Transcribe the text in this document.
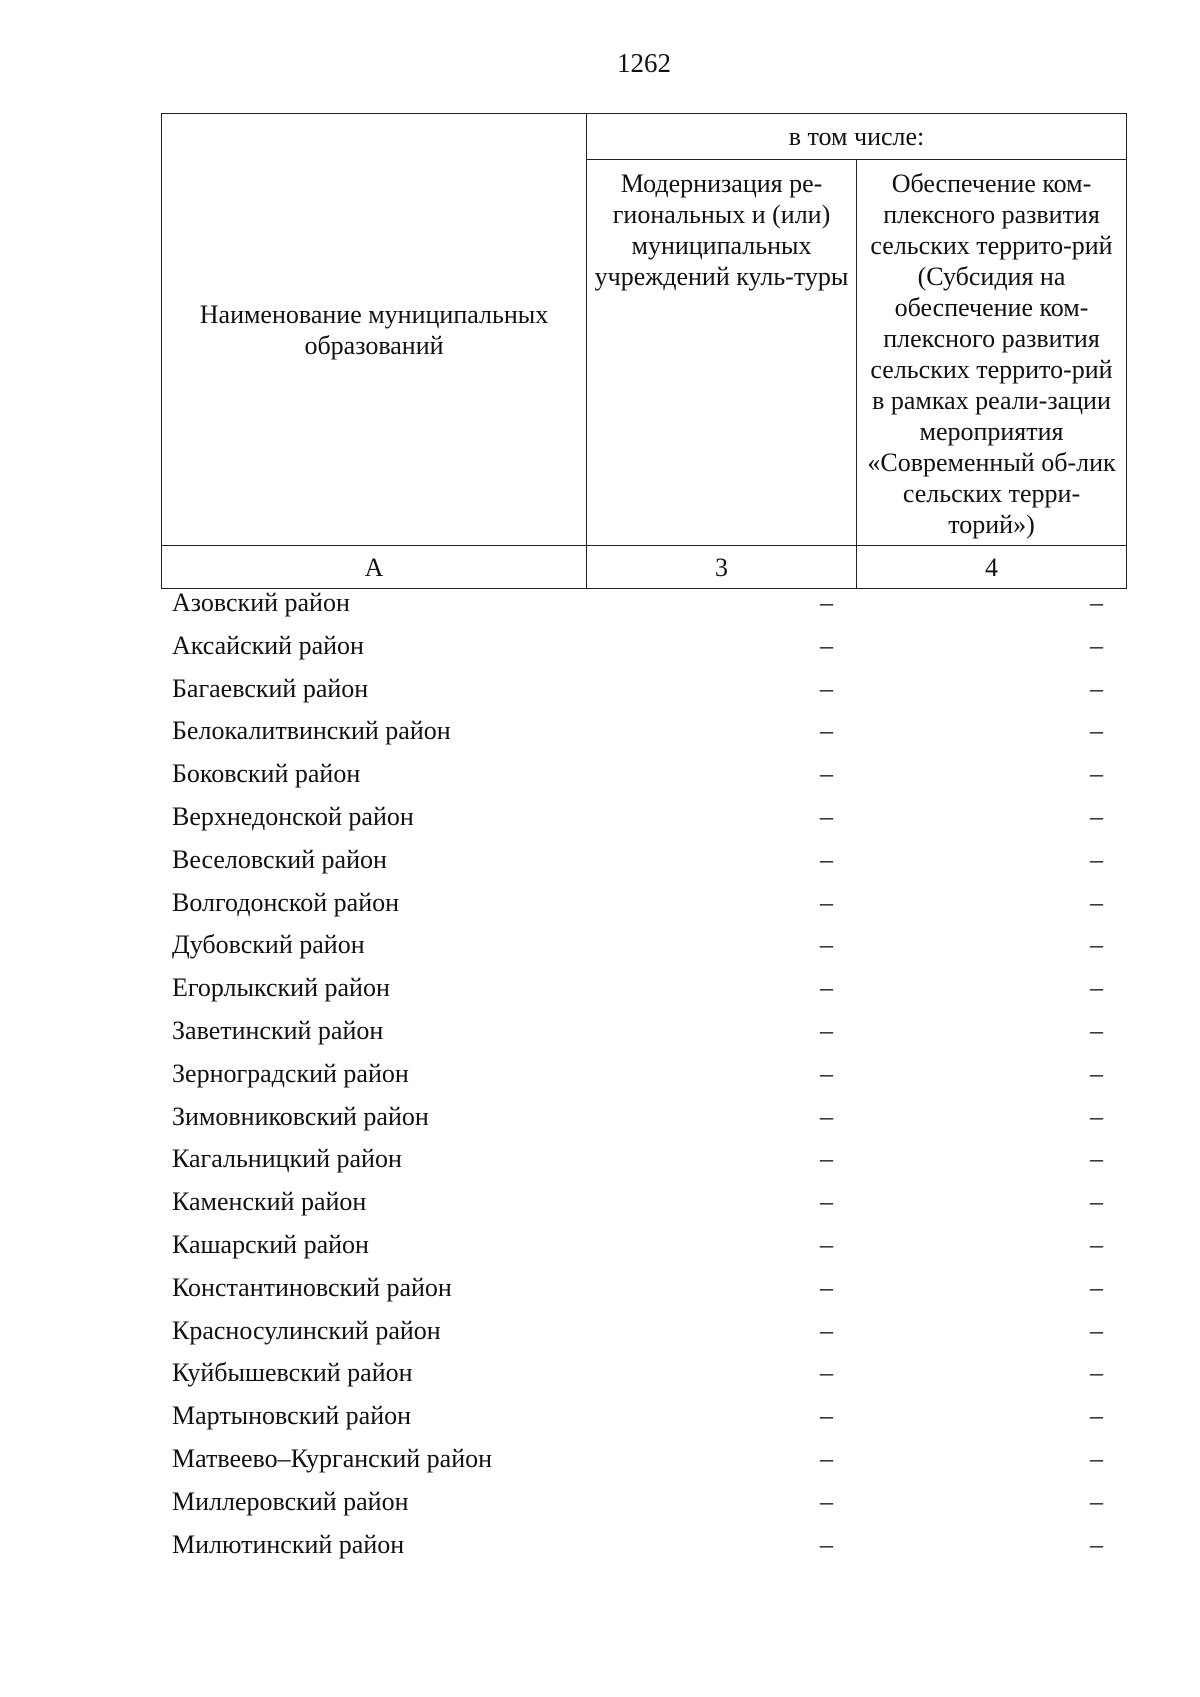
1262
Наименование муниципальных образований	в том числе:	
	Модернизация ре-гиональных и (или) муниципальных учреждений куль-туры	Обеспечение ком-плексного развития сельских террито-рий (Субсидия на обеспечение ком-плексного развития сельских террито-рий в рамках реали-зации мероприятия «Современный об-лик сельских терри-торий»)
А	3	4
Азовский район	–	–
Аксайский район	–	–
Багаевский район	–	–
Белокалитвинский район	–	–
Боковский район	–	–
Верхнедонской район	–	–
Веселовский район	–	–
Волгодонской район	–	–
Дубовский район	–	–
Егорлыкский район	–	–
Заветинский район	–	–
Зерноградский район	–	–
Зимовниковский район	–	–
Кагальницкий район	–	–
Каменский район	–	–
Кашарский район	–	–
Константиновский район	–	–
Красносулинский район	–	–
Куйбышевский район	–	–
Мартыновский район	–	–
Матвеево–Курганский район	–	–
Миллеровский район	–	–
Милютинский район	–	–
